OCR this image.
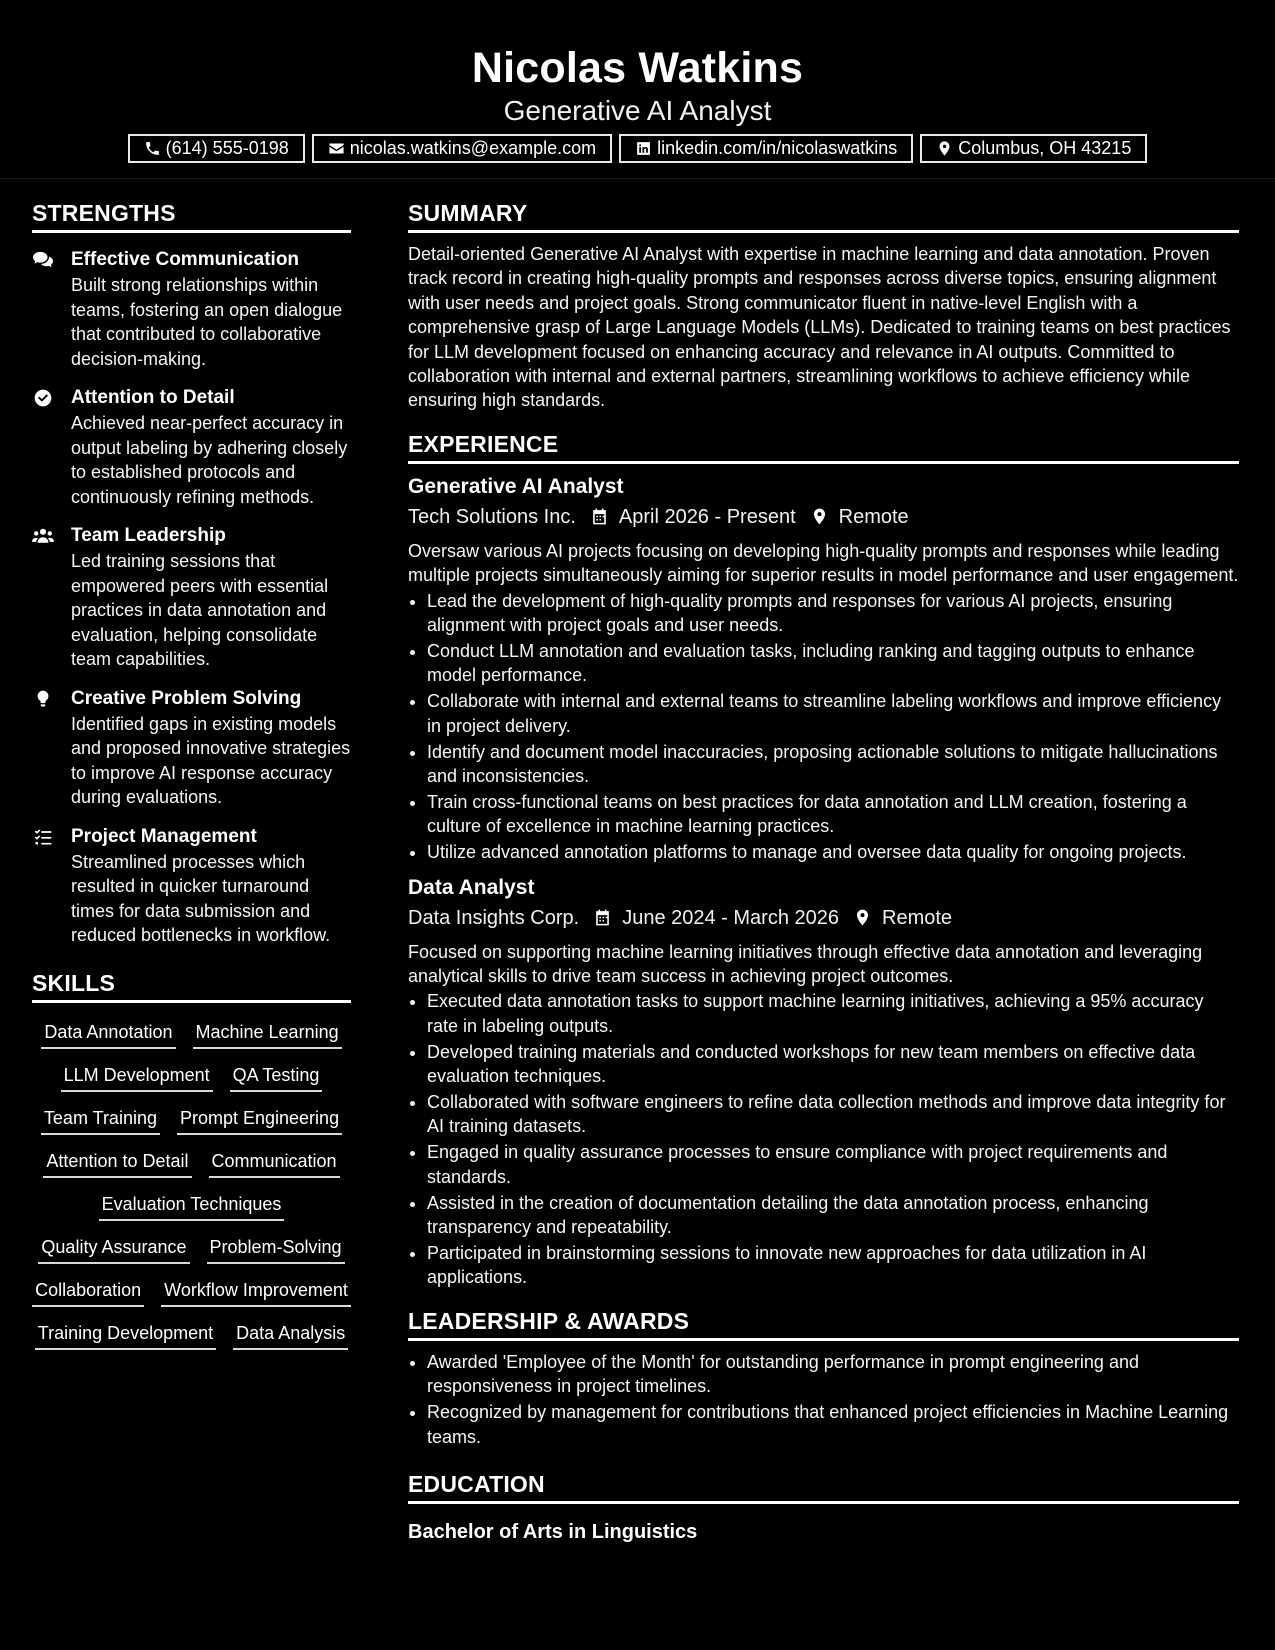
Nicolas Watkins
Generative AI Analyst
(614) 555-0198	nicolas.watkins@example.com	linkedin.com/in/nicolaswatkins	Columbus, OH 43215
STRENGTHS
Effective Communication
Built strong relationships within teams, fostering an open dialogue that contributed to collaborative decision-making.
Attention to Detail
Achieved near-perfect accuracy in output labeling by adhering closely to established protocols and continuously refining methods.
Team Leadership
Led training sessions that empowered peers with essential practices in data annotation and evaluation, helping consolidate team capabilities.
Creative Problem Solving
Identified gaps in existing models and proposed innovative strategies to improve AI response accuracy during evaluations.
Project Management
Streamlined processes which resulted in quicker turnaround times for data submission and reduced bottlenecks in workflow.
SKILLS
Data Annotation Machine Learning
LLM Development QA Testing
Team Training Prompt Engineering
Attention to Detail Communication
Evaluation Techniques
Quality Assurance Problem-Solving
Collaboration Workflow Improvement
Training Development Data Analysis
SUMMARY
Detail-oriented Generative AI Analyst with expertise in machine learning and data annotation. Proven track record in creating high-quality prompts and responses across diverse topics, ensuring alignment with user needs and project goals. Strong communicator fluent in native-level English with a comprehensive grasp of Large Language Models (LLMs). Dedicated to training teams on best practices for LLM development focused on enhancing accuracy and relevance in AI outputs. Committed to collaboration with internal and external partners, streamlining workflows to achieve efficiency while ensuring high standards.
EXPERIENCE
Generative AI Analyst
Tech Solutions Inc. April 2026 - Present Remote
Oversaw various AI projects focusing on developing high-quality prompts and responses while leading multiple projects simultaneously aiming for superior results in model performance and user engagement.
• Lead the development of high-quality prompts and responses for various AI projects, ensuring alignment with project goals and user needs.
• Conduct LLM annotation and evaluation tasks, including ranking and tagging outputs to enhance model performance.
• Collaborate with internal and external teams to streamline labeling workflows and improve efficiency in project delivery.
• Identify and document model inaccuracies, proposing actionable solutions to mitigate hallucinations and inconsistencies.
• Train cross-functional teams on best practices for data annotation and LLM creation, fostering a culture of excellence in machine learning practices.
• Utilize advanced annotation platforms to manage and oversee data quality for ongoing projects.
Data Analyst
Data Insights Corp. June 2024 - March 2026 Remote
Focused on supporting machine learning initiatives through effective data annotation and leveraging analytical skills to drive team success in achieving project outcomes.
• Executed data annotation tasks to support machine learning initiatives, achieving a 95% accuracy rate in labeling outputs.
• Developed training materials and conducted workshops for new team members on effective data evaluation techniques.
• Collaborated with software engineers to refine data collection methods and improve data integrity for AI training datasets.
• Engaged in quality assurance processes to ensure compliance with project requirements and standards.
• Assisted in the creation of documentation detailing the data annotation process, enhancing transparency and repeatability.
• Participated in brainstorming sessions to innovate new approaches for data utilization in AI applications.
LEADERSHIP & AWARDS
• Awarded 'Employee of the Month' for outstanding performance in prompt engineering and responsiveness in project timelines.
• Recognized by management for contributions that enhanced project efficiencies in Machine Learning teams.
EDUCATION
Bachelor of Arts in Linguistics
